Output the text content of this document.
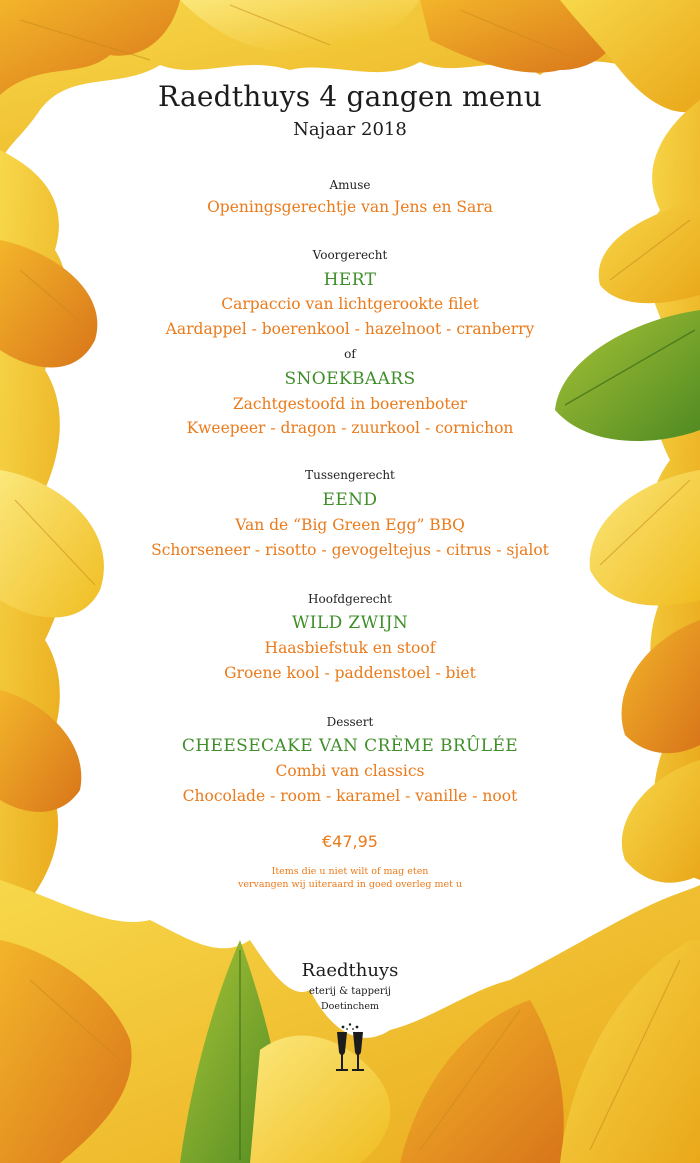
Raedthuys 4 gangen menu
Najaar 2018
Amuse
Openingsgerechtje van Jens en Sara
Voorgerecht
HERT
Carpaccio van lichtgerookte filet
Aardappel - boerenkool - hazelnoot - cranberry
of
SNOEKBAARS
Zachtgestoofd in boerenboter
Kweepeer - dragon - zuurkool - cornichon
Tussengerecht
EEND
Van de “Big Green Egg” BBQ
Schorseneer - risotto - gevogeltejus - citrus - sjalot
Hoofdgerecht
WILD ZWIJN
Haasbiefstuk en stoof
Groene kool - paddenstoel - biet
Dessert
CHEESECAKE VAN CRÈME BRÛLÉE
Combi van classics
Chocolade - room - karamel - vanille - noot
€47,95
Items die u niet wilt of mag eten
vervangen wij uiteraard in goed overleg met u
Raedthuys
eterij & tapperij
Doetinchem
